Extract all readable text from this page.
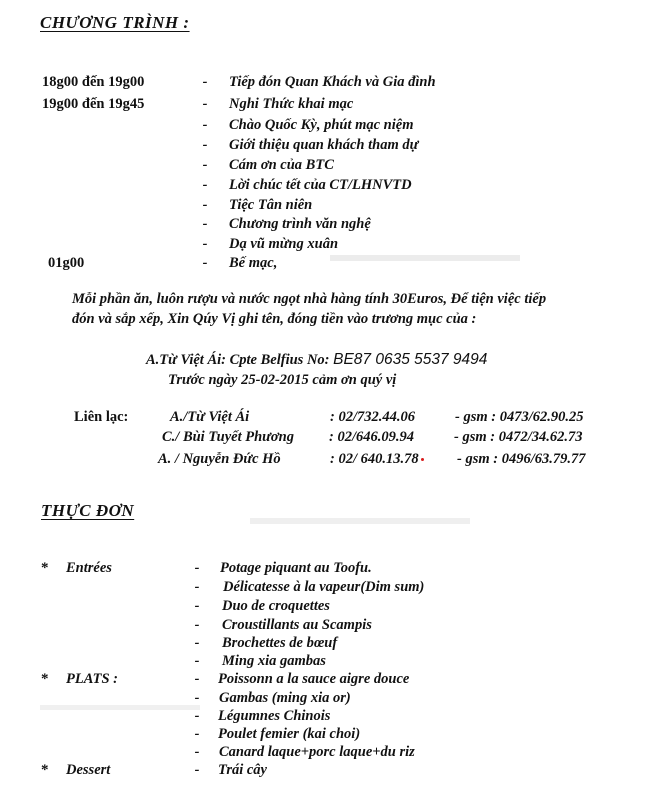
CHƯƠNG TRÌNH :
18g00 đến 19g00	- Tiếp đón Quan Khách và Gia đình
19g00 đến 19g45	- Nghi Thức khai mạc
- Chào Quốc Kỳ, phút mạc niệm
- Giới thiệu quan khách tham dự
- Cám ơn của BTC
- Lời chúc tết của CT/LHNVTD
- Tiệc Tân niên
- Chương trình văn nghệ
- Dạ vũ mừng xuân
01g00	- Bế mạc,
Mỗi phần ăn, luôn rượu và nước ngọt nhà hàng tính 30Euros, Để tiện việc tiếp
đón và sắp xếp, Xin Qúy Vị ghi tên, đóng tiền vào trương mục của :
A.Từ Việt Ái: Cpte Belfius No: BE87 0635 5537 9494
Trước ngày 25-02-2015 cảm ơn quý vị
Liên lạc:	A./Từ Việt Ái	: 02/732.44.06	- gsm : 0473/62.90.25
C./ Bùi Tuyết Phương : 02/646.09.94	- gsm : 0472/34.62.73
A. / Nguyễn Đức Hồ	: 02/ 640.13.78	- gsm : 0496/63.79.77
THỰC ĐƠN
* Entrées	- Potage piquant au Toofu.
- Délicatesse à la vapeur(Dim sum)
- Duo de croquettes
- Croustillants au Scampis
- Brochettes de bœuf
- Ming xia gambas
* PLATS :	- Poissonn a la sauce aigre douce
- Gambas (ming xia or)
- Légumnes Chinois
- Poulet femier (kai choi)
- Canard laque+porc laque+du riz
* Dessert	- Trái cây
